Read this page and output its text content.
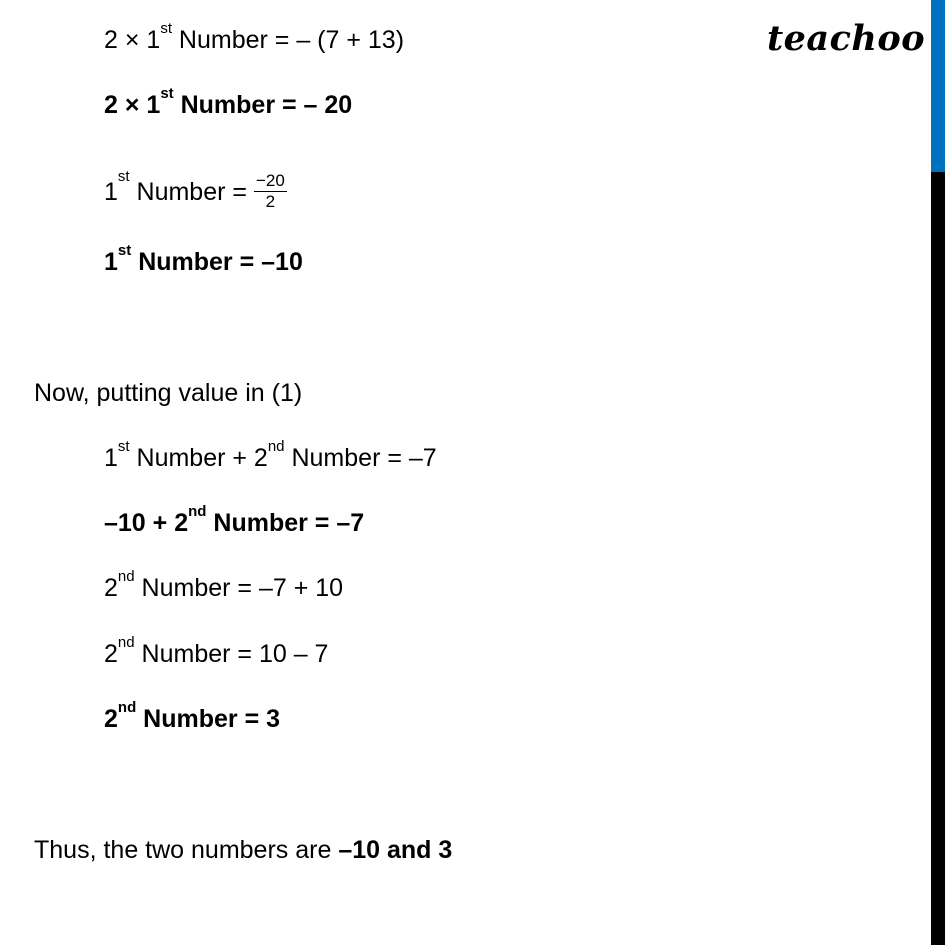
teachoo
2 × 1st Number = – (7 + 13)
2 × 1st Number = – 20
1st Number = $\frac{-20}{2}$
1st Number = –10
Now, putting value in (1)
1st Number + 2nd Number = –7
–10 + 2nd Number = –7
2nd Number = –7 + 10
2nd Number = 10 – 7
2nd Number = 3
Thus, the two numbers are –10 and 3
